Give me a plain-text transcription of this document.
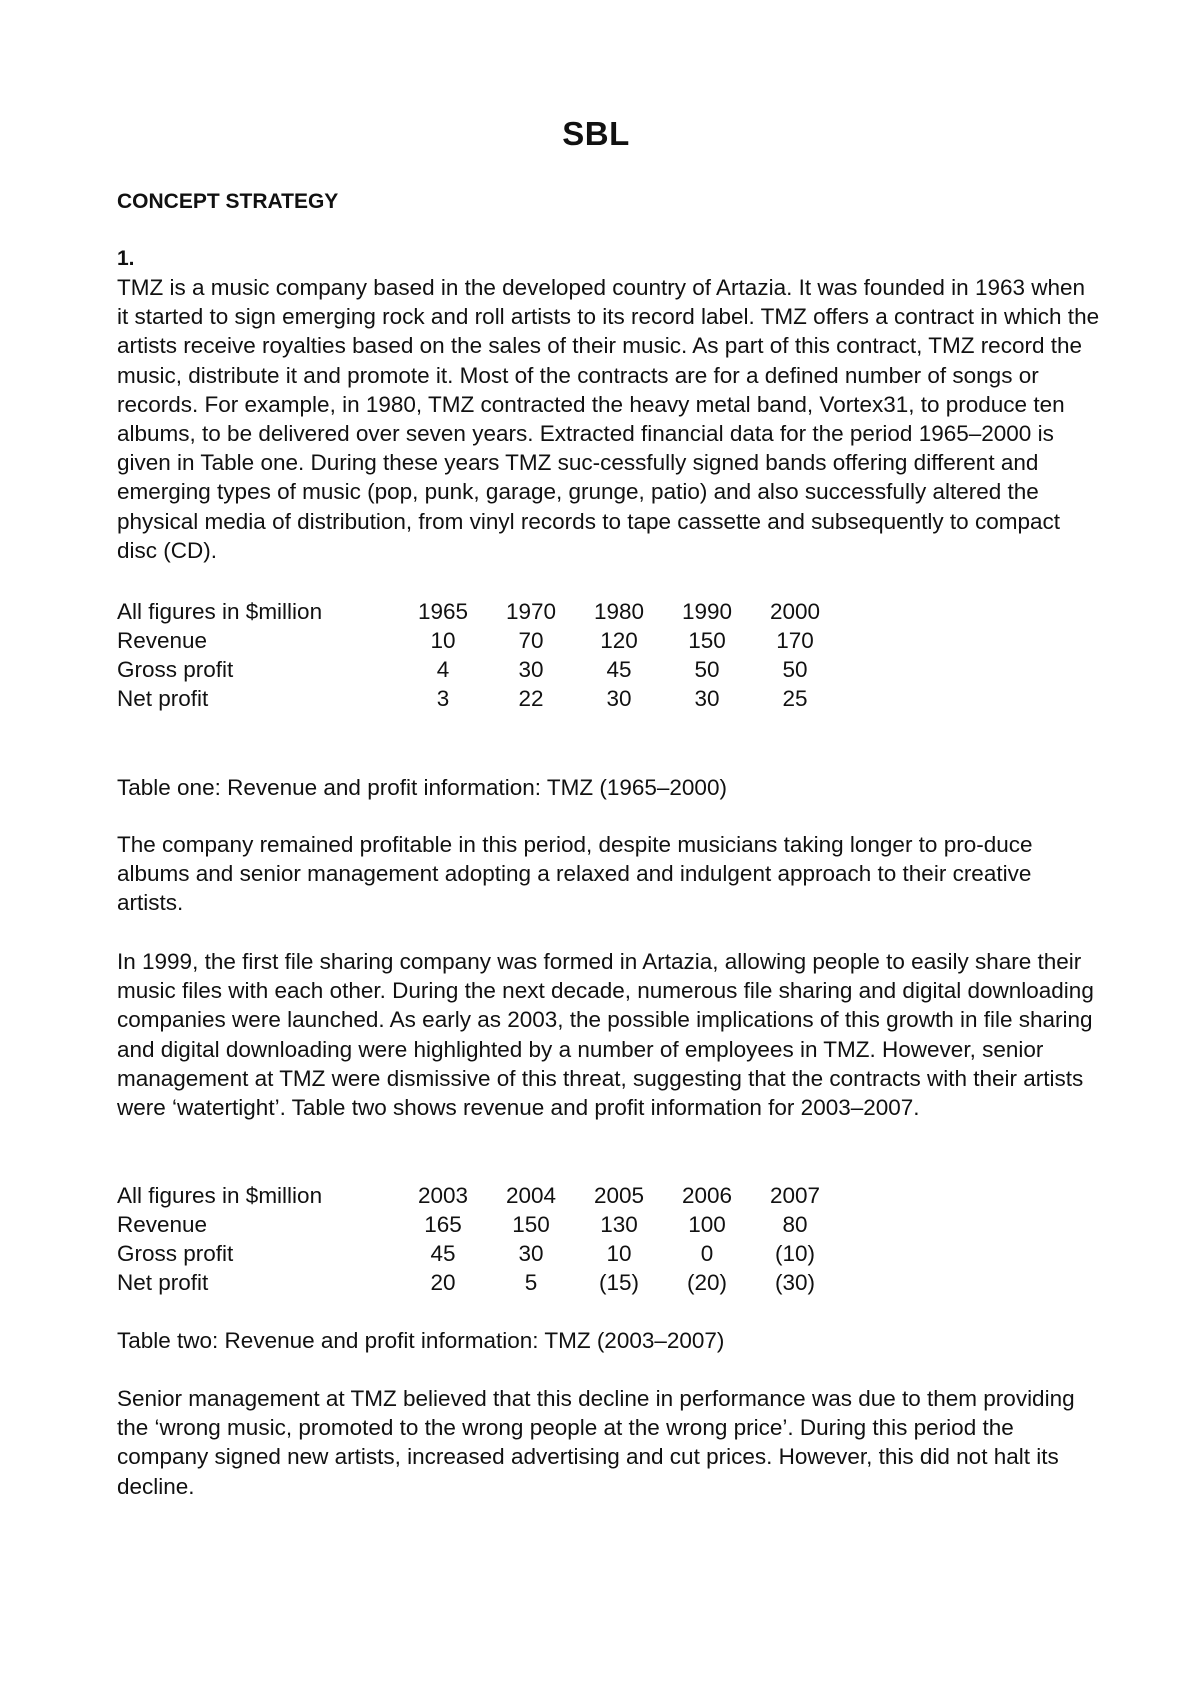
SBL
CONCEPT STRATEGY
1.

TMZ is a music company based in the developed country of Artazia. It was founded in 1963 when it started to sign emerging rock and roll artists to its record label. TMZ offers a contract in which the artists receive royalties based on the sales of their music. As part of this contract, TMZ record the music, distribute it and promote it. Most of the contracts are for a defined number of songs or records. For example, in 1980, TMZ contracted the heavy metal band, Vortex31, to produce ten albums, to be delivered over seven years. Extracted financial data for the period 1965–2000 is given in Table one. During these years TMZ suc-cessfully signed bands offering different and emerging types of music (pop, punk, garage, grunge, patio) and also successfully altered the physical media of distribution, from vinyl records to tape cassette and subsequently to compact disc (CD).

All figures in $million	1965	1970	1980	1990	2000
Revenue	10	70	120	150	170
Gross profit	4	30	45	50	50
Net profit	3	22	30	30	25
Table one: Revenue and profit information: TMZ (1965–2000)

The company remained profitable in this period, despite musicians taking longer to pro-duce albums and senior management adopting a relaxed and indulgent approach to their creative artists.

In 1999, the first file sharing company was formed in Artazia, allowing people to easily share their music files with each other. During the next decade, numerous file sharing and digital downloading companies were launched. As early as 2003, the possible implications of this growth in file sharing and digital downloading were highlighted by a number of employees in TMZ. However, senior management at TMZ were dismissive of this threat, suggesting that the contracts with their artists were ‘watertight’. Table two shows revenue and profit information for 2003–2007.

All figures in $million	2003	2004	2005	2006	2007
Revenue	165	150	130	100	80
Gross profit	45	30	10	0	(10)
Net profit	20	5	(15)	(20)	(30)
Table two: Revenue and profit information: TMZ (2003–2007)

Senior management at TMZ believed that this decline in performance was due to them providing the ‘wrong music, promoted to the wrong people at the wrong price’. During this period the company signed new artists, increased advertising and cut prices. However, this did not halt its decline.
